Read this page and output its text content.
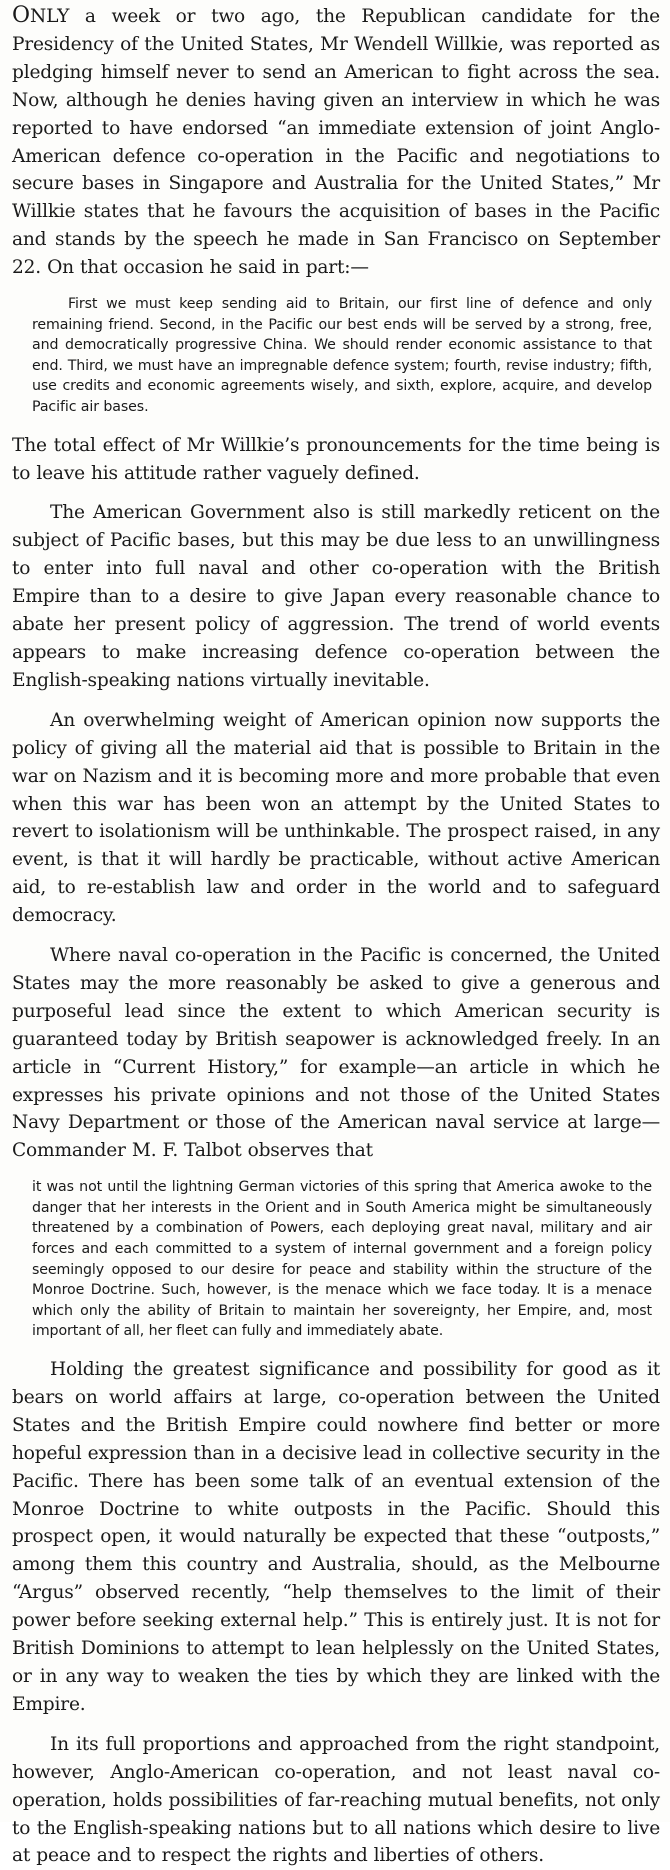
ONLY a week or two ago, the Republican candidate for the Presidency of the United States, Mr Wendell Willkie, was reported as pledging himself never to send an American to fight across the sea. Now, although he denies having given an interview in which he was reported to have endorsed “an immediate extension of joint Anglo-American defence co-operation in the Pacific and negotiations to secure bases in Singapore and Australia for the United States,” Mr Willkie states that he favours the acquisition of bases in the Pacific and stands by the speech he made in San Francisco on September 22. On that occasion he said in part:—

First we must keep sending aid to Britain, our first line of defence and only remaining friend. Second, in the Pacific our best ends will be served by a strong, free, and democratically progressive China. We should render economic assistance to that end. Third, we must have an impregnable defence system; fourth, revise industry; fifth, use credits and economic agreements wisely, and sixth, explore, acquire, and develop Pacific air bases.

The total effect of Mr Willkie’s pronouncements for the time being is to leave his attitude rather vaguely defined.

The American Government also is still markedly reticent on the subject of Pacific bases, but this may be due less to an unwillingness to enter into full naval and other co-operation with the British Empire than to a desire to give Japan every reasonable chance to abate her present policy of aggression. The trend of world events appears to make increasing defence co-operation between the English-speaking nations virtually inevitable.

An overwhelming weight of American opinion now supports the policy of giving all the material aid that is possible to Britain in the war on Nazism and it is becoming more and more probable that even when this war has been won an attempt by the United States to revert to isolationism will be unthinkable. The prospect raised, in any event, is that it will hardly be practicable, without active American aid, to re-establish law and order in the world and to safeguard democracy.

Where naval co-operation in the Pacific is concerned, the United States may the more reasonably be asked to give a generous and purposeful lead since the extent to which American security is guaranteed today by British seapower is acknowledged freely. In an article in “Current History,” for example—an article in which he expresses his private opinions and not those of the United States Navy Department or those of the American naval service at large—Commander M. F. Talbot observes that

it was not until the lightning German victories of this spring that America awoke to the danger that her interests in the Orient and in South America might be simultaneously threatened by a combination of Powers, each deploying great naval, military and air forces and each committed to a system of internal government and a foreign policy seemingly opposed to our desire for peace and stability within the structure of the Monroe Doctrine. Such, however, is the menace which we face today. It is a menace which only the ability of Britain to maintain her sovereignty, her Empire, and, most important of all, her fleet can fully and immediately abate.

Holding the greatest significance and possibility for good as it bears on world affairs at large, co-operation between the United States and the British Empire could nowhere find better or more hopeful expression than in a decisive lead in collective security in the Pacific. There has been some talk of an eventual extension of the Monroe Doctrine to white outposts in the Pacific. Should this prospect open, it would naturally be expected that these “outposts,” among them this country and Australia, should, as the Melbourne “Argus” observed recently, “help themselves to the limit of their power before seeking external help.” This is entirely just. It is not for British Dominions to attempt to lean helplessly on the United States, or in any way to weaken the ties by which they are linked with the Empire.

In its full proportions and approached from the right standpoint, however, Anglo-American co-operation, and not least naval co-operation, holds possibilities of far-reaching mutual benefits, not only to the English-speaking nations but to all nations which desire to live at peace and to respect the rights and liberties of others.
